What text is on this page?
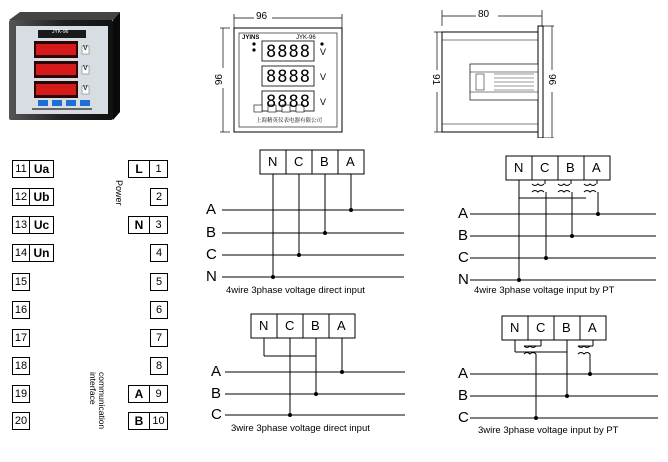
JYK-96
V
V
V
96
96
JYINS	JYK-96
8888
8888
8888
V
V
V
上海精英仪表电器有限公司
80
91	96
11 Ua
12 Ub
13 Uc
14 Un
15
16
17
18
19
20
L	1
2
N	3
4
5
6
7
8
A	9
B 10
Power
communication interface
N C B A
A
B
C
N
4wire 3phase voltage direct input
N C B A
A
B
C
N
4wire 3phase voltage input by PT
N C B A
A
B
C
3wire 3phase voltage direct input
N C B A
A
B
C
3wire 3phase voltage input by PT
